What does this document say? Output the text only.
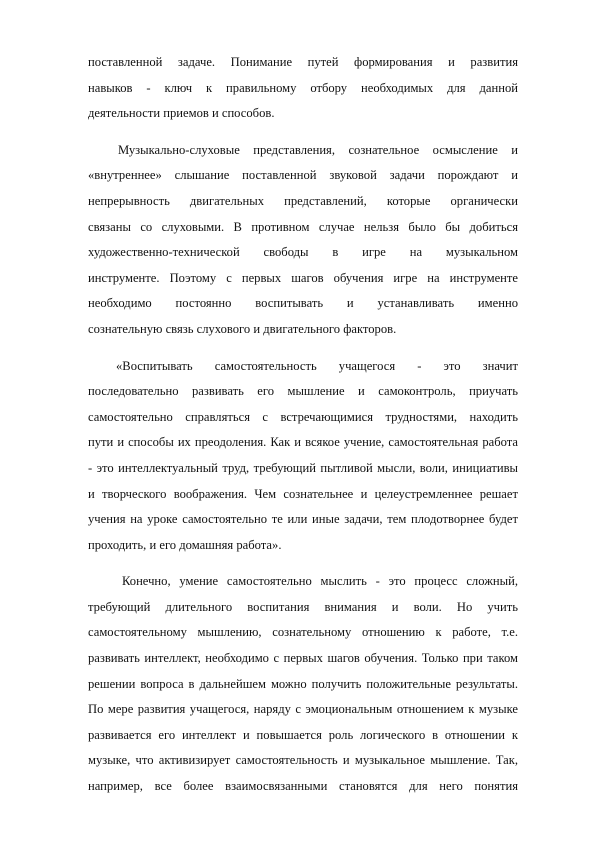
поставленной задаче. Понимание путей формирования и развития
навыков - ключ к правильному отбору необходимых для данной
деятельности приемов и способов.
Музыкально-слуховые представления, сознательное осмысление и
«внутреннее» слышание поставленной звуковой задачи порождают и
непрерывность двигательных представлений, которые органически
связаны со слуховыми. В противном случае нельзя было бы добиться
художественно-технической свободы в игре на музыкальном
инструменте. Поэтому с первых шагов обучения игре на инструменте
необходимо постоянно воспитывать и устанавливать именно
сознательную связь слухового и двигательного факторов.
«Воспитывать самостоятельность учащегося - это значит
последовательно развивать его мышление и самоконтроль, приучать
самостоятельно справляться с встречающимися трудностями, находить
пути и способы их преодоления. Как и всякое учение, самостоятельная работа
- это интеллектуальный труд, требующий пытливой мысли, воли, инициативы
и творческого воображения. Чем сознательнее и целеустремленнее решает
учения на уроке самостоятельно те или иные задачи, тем плодотворнее будет
проходить, и его домашняя работа».
Конечно, умение самостоятельно мыслить - это процесс сложный,
требующий длительного воспитания внимания и воли. Но учить
самостоятельному мышлению, сознательному отношению к работе, т.е.
развивать интеллект, необходимо с первых шагов обучения. Только при таком
решении вопроса в дальнейшем можно получить положительные результаты.
По мере развития учащегося, наряду с эмоциональным отношением к музыке
развивается его интеллект и повышается роль логического в отношении к
музыке, что активизирует самостоятельность и музыкальное мышление. Так,
например, все более взаимосвязанными становятся для него понятия
